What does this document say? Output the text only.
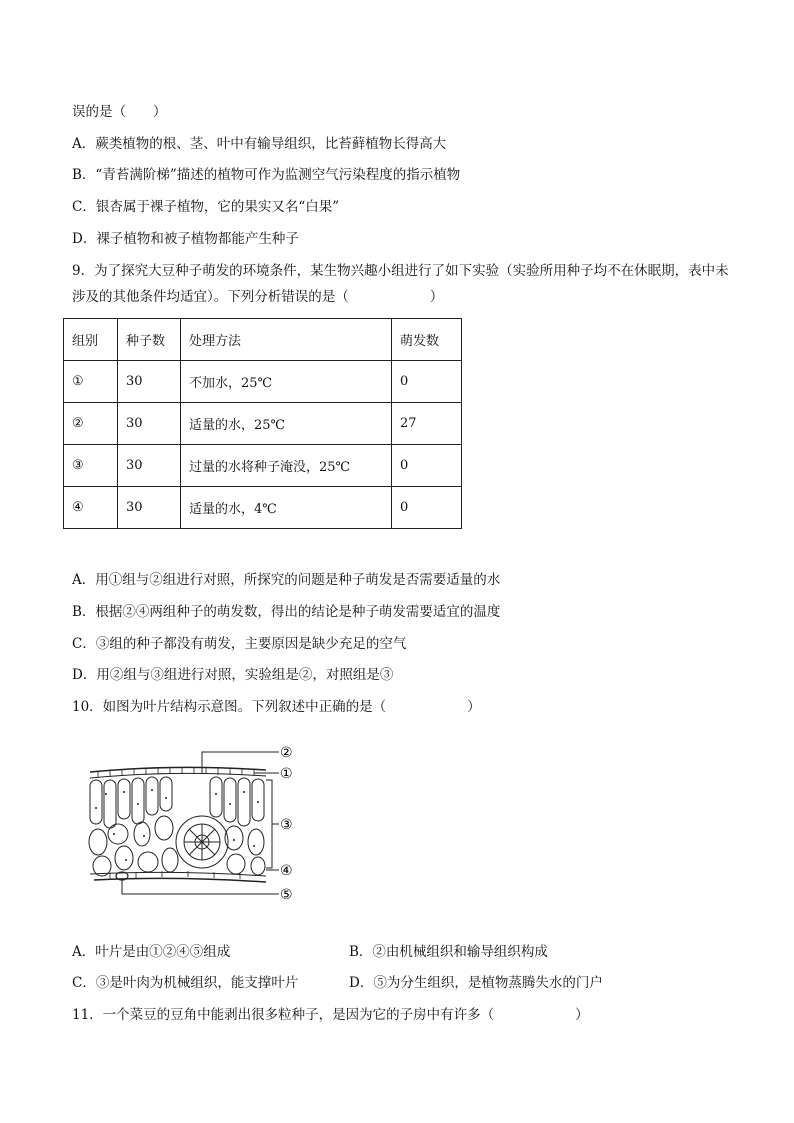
误的是（　　）
A．蕨类植物的根、茎、叶中有输导组织，比苔藓植物长得高大
B．“青苔满阶梯”描述的植物可作为监测空气污染程度的指示植物
C．银杏属于裸子植物，它的果实又名“白果”
D．裸子植物和被子植物都能产生种子
9．为了探究大豆种子萌发的环境条件，某生物兴趣小组进行了如下实验（实验所用种子均不在休眠期，表中未涉及的其他条件均适宜）。下列分析错误的是（　　　　　　）
组别	种子数	处理方法	萌发数
①	30	不加水，25℃	0
②	30	适量的水，25℃	27
③	30	过量的水将种子淹没，25℃	0
④	30	适量的水，4℃	0
A．用①组与②组进行对照，所探究的问题是种子萌发是否需要适量的水
B．根据②④两组种子的萌发数，得出的结论是种子萌发需要适宜的温度
C．③组的种子都没有萌发，主要原因是缺少充足的空气
D．用②组与③组进行对照，实验组是②，对照组是③
10．如图为叶片结构示意图。下列叙述中正确的是（　　　　　　）
②
①
③
④
⑤
A．叶片是由①②④⑤组成	B．②由机械组织和输导组织构成
C．③是叶肉为机械组织，能支撑叶片	D．⑤为分生组织，是植物蒸腾失水的门户
11．一个菜豆的豆角中能剥出很多粒种子，是因为它的子房中有许多（　　　　　　）
